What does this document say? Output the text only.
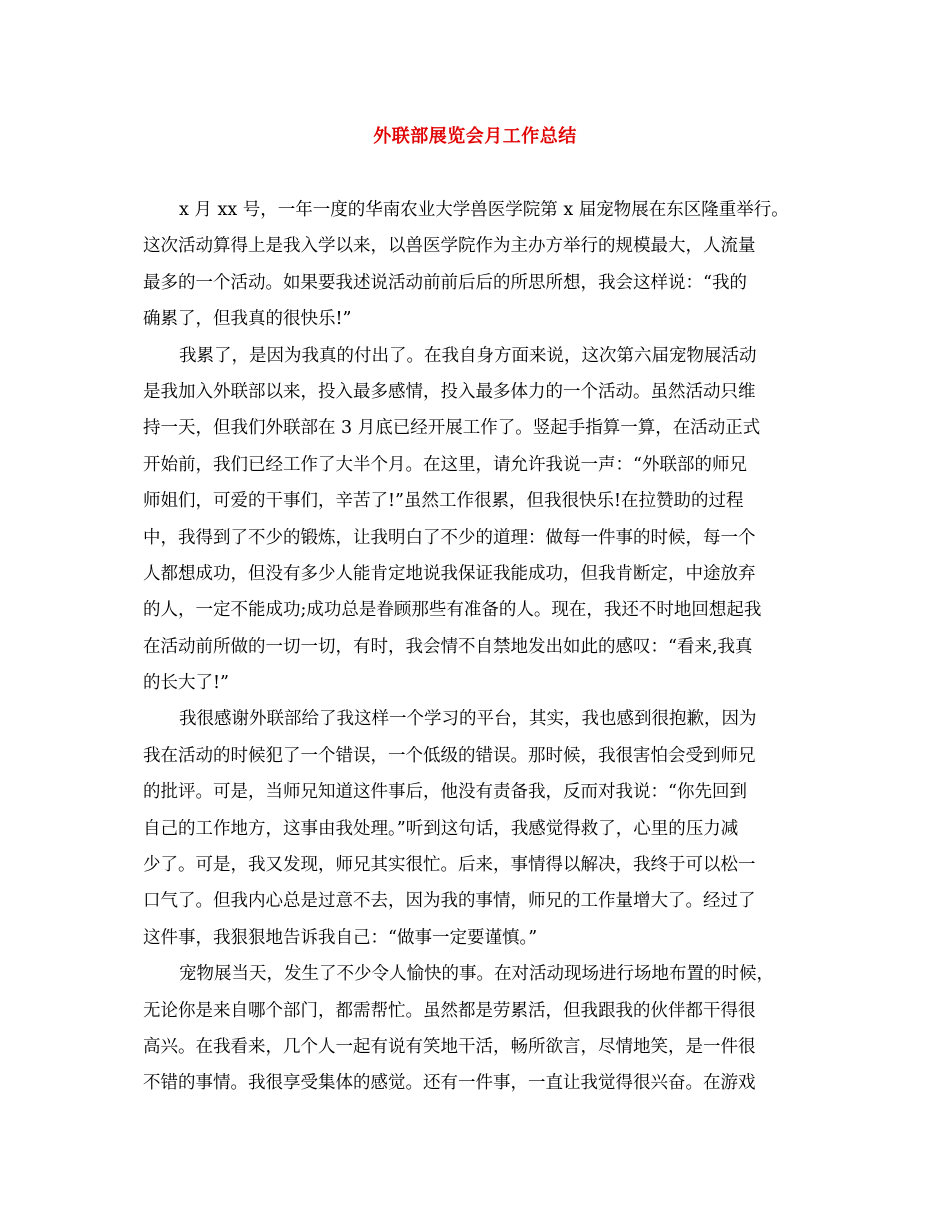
外联部展览会月工作总结
x 月 xx 号，一年一度的华南农业大学兽医学院第 x 届宠物展在东区隆重举行。
这次活动算得上是我入学以来，以兽医学院作为主办方举行的规模最大，人流量
最多的一个活动。如果要我述说活动前前后后的所思所想，我会这样说：“我的
确累了，但我真的很快乐!”
我累了，是因为我真的付出了。在我自身方面来说，这次第六届宠物展活动
是我加入外联部以来，投入最多感情，投入最多体力的一个活动。虽然活动只维
持一天，但我们外联部在 3 月底已经开展工作了。竖起手指算一算，在活动正式
开始前，我们已经工作了大半个月。在这里，请允许我说一声：“外联部的师兄
师姐们，可爱的干事们，辛苦了!”虽然工作很累，但我很快乐!在拉赞助的过程
中，我得到了不少的锻炼，让我明白了不少的道理：做每一件事的时候，每一个
人都想成功，但没有多少人能肯定地说我保证我能成功，但我肯断定，中途放弃
的人，一定不能成功;成功总是眷顾那些有准备的人。现在，我还不时地回想起我
在活动前所做的一切一切，有时，我会情不自禁地发出如此的感叹：“看来,我真
的长大了!”
我很感谢外联部给了我这样一个学习的平台，其实，我也感到很抱歉，因为
我在活动的时候犯了一个错误，一个低级的错误。那时候，我很害怕会受到师兄
的批评。可是，当师兄知道这件事后，他没有责备我，反而对我说：“你先回到
自己的工作地方，这事由我处理。”听到这句话，我感觉得救了，心里的压力减
少了。可是，我又发现，师兄其实很忙。后来，事情得以解决，我终于可以松一
口气了。但我内心总是过意不去，因为我的事情，师兄的工作量增大了。经过了
这件事，我狠狠地告诉我自己：“做事一定要谨慎。”
宠物展当天，发生了不少令人愉快的事。在对活动现场进行场地布置的时候，
无论你是来自哪个部门，都需帮忙。虽然都是劳累活，但我跟我的伙伴都干得很
高兴。在我看来，几个人一起有说有笑地干活，畅所欲言，尽情地笑，是一件很
不错的事情。我很享受集体的感觉。还有一件事，一直让我觉得很兴奋。在游戏
